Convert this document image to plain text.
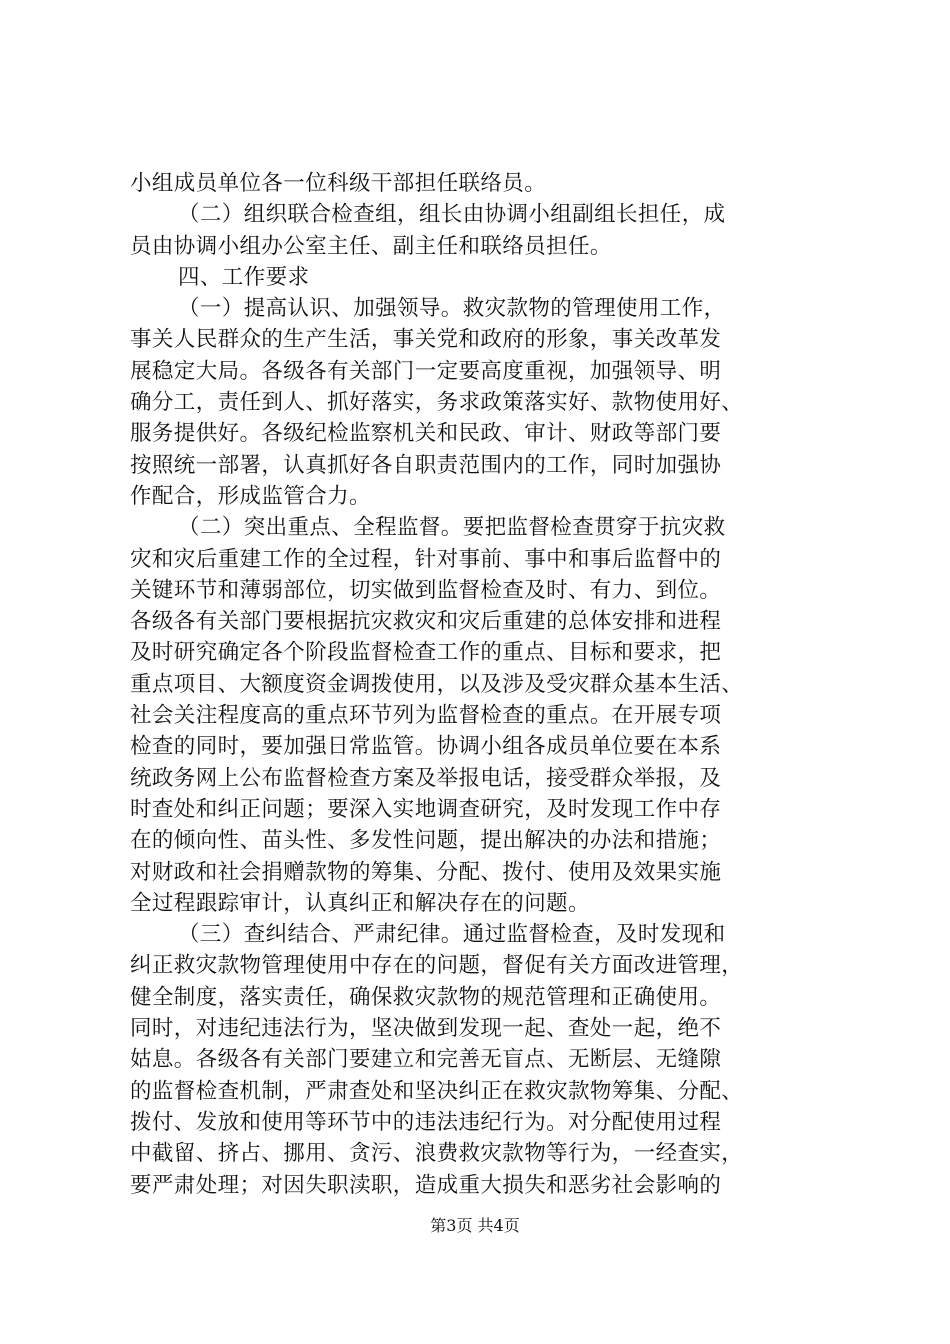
小组成员单位各一位科级干部担任联络员。
（二）组织联合检查组，组长由协调小组副组长担任，成
员由协调小组办公室主任、副主任和联络员担任。
四、工作要求
（一）提高认识、加强领导。救灾款物的管理使用工作，
事关人民群众的生产生活，事关党和政府的形象，事关改革发
展稳定大局。各级各有关部门一定要高度重视，加强领导、明
确分工，责任到人、抓好落实，务求政策落实好、款物使用好、
服务提供好。各级纪检监察机关和民政、审计、财政等部门要
按照统一部署，认真抓好各自职责范围内的工作，同时加强协
作配合，形成监管合力。
（二）突出重点、全程监督。要把监督检查贯穿于抗灾救
灾和灾后重建工作的全过程，针对事前、事中和事后监督中的
关键环节和薄弱部位，切实做到监督检查及时、有力、到位。
各级各有关部门要根据抗灾救灾和灾后重建的总体安排和进程
及时研究确定各个阶段监督检查工作的重点、目标和要求，把
重点项目、大额度资金调拨使用，以及涉及受灾群众基本生活、
社会关注程度高的重点环节列为监督检查的重点。在开展专项
检查的同时，要加强日常监管。协调小组各成员单位要在本系
统政务网上公布监督检查方案及举报电话，接受群众举报，及
时查处和纠正问题；要深入实地调查研究，及时发现工作中存
在的倾向性、苗头性、多发性问题，提出解决的办法和措施；
对财政和社会捐赠款物的筹集、分配、拨付、使用及效果实施
全过程跟踪审计，认真纠正和解决存在的问题。
（三）查纠结合、严肃纪律。通过监督检查，及时发现和
纠正救灾款物管理使用中存在的问题，督促有关方面改进管理，
健全制度，落实责任，确保救灾款物的规范管理和正确使用。
同时，对违纪违法行为，坚决做到发现一起、查处一起，绝不
姑息。各级各有关部门要建立和完善无盲点、无断层、无缝隙
的监督检查机制，严肃查处和坚决纠正在救灾款物筹集、分配、
拨付、发放和使用等环节中的违法违纪行为。对分配使用过程
中截留、挤占、挪用、贪污、浪费救灾款物等行为，一经查实，
要严肃处理；对因失职渎职，造成重大损失和恶劣社会影响的
第3页 共4页
